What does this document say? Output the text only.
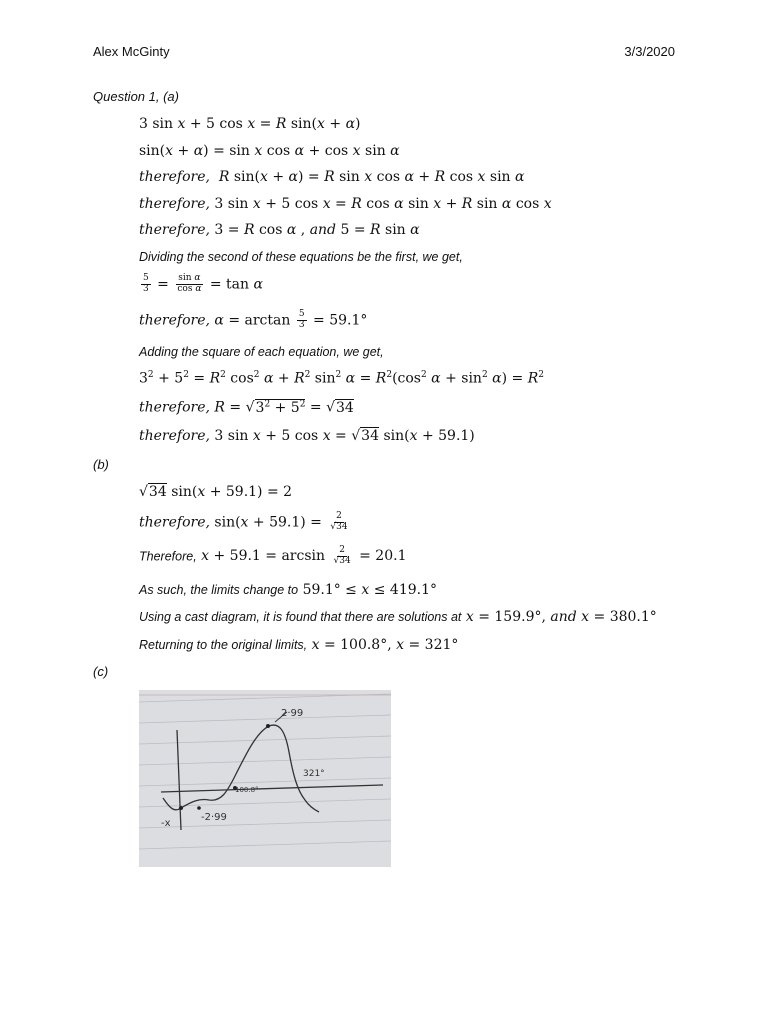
Alex McGinty	3/3/2020
Question 1, (a)
3 sin x + 5 cos x = R sin(x + α)
sin(x + α) = sin x cos α + cos x sin α
therefore, R sin(x + α) = R sin x cos α + R cos x sin α
therefore, 3 sin x + 5 cos x = R cos α sin x + R sin α cos x
therefore, 3 = R cos α , and 5 = R sin α
Dividing the second of these equations be the first, we get,
$\frac{5}{3} = \frac{\text{sin α}}{\text{cos α}} = \tan \alpha$
therefore, $\alpha = \arctan \frac{5}{3} = 59.1^\circ$
Adding the square of each equation, we get,
$3^2 + 5^2 = R^2$ $\cos^2 \alpha + R^2$ $\sin^2 \alpha = R^2(\cos^2$ $\alpha + \sin^2 \alpha) = R^2$
therefore, $R = √3^2 + 5^2 = √34$
therefore, 3 sin x + 5 cos x = √34 sin(x + 59.1)
(b)
√34 sin(x + 59.1) = 2
therefore, $\sin(x + 59.1) = \frac{2}{√34}$
Therefore, $x + 59.1 = \arcsin \frac{2}{√34} = 20.1$
As such, the limits change to 59.1° ≤ x ≤ 419.1°
Using a cast diagram, it is found that there are solutions at x = 159.9°, and x = 380.1°
Returning to the original limits, x = 100.8°, x = 321°
(c)
2·99
100.8°
321°
-2·99
-x
